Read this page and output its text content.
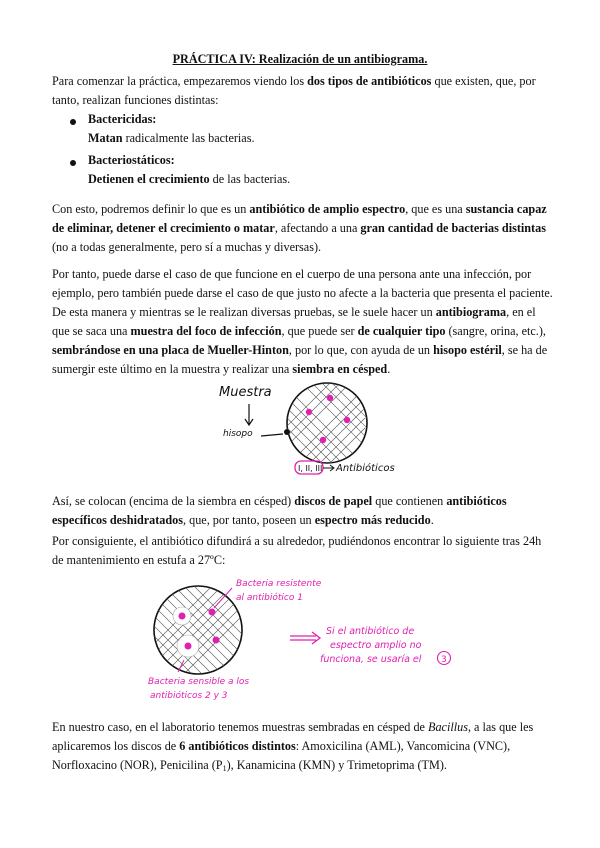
PRÁCTICA IV: Realización de un antibiograma.

Para comenzar la práctica, empezaremos viendo los dos tipos de antibióticos que existen, que, por

tanto, realizan funciones distintas:

Bactericidas:

Matan radicalmente las bacterias.

Bacteriostáticos:

Detienen el crecimiento de las bacterias.

Con esto, podremos definir lo que es un antibiótico de amplio espectro, que es una sustancia capaz

de eliminar, detener el crecimiento o matar, afectando a una gran cantidad de bacterias distintas

(no a todas generalmente, pero sí a muchas y diversas).

Por tanto, puede darse el caso de que funcione en el cuerpo de una persona ante una infección, por

ejemplo, pero también puede darse el caso de que justo no afecte a la bacteria que presenta el paciente.

De esta manera y mientras se le realizan diversas pruebas, se le suele hacer un antibiograma, en el

que se saca una muestra del foco de infección, que puede ser de cualquier tipo (sangre, orina, etc.),

sembrándose en una placa de Mueller-Hinton, por lo que, con ayuda de un hisopo estéril, se ha de

sumergir este último en la muestra y realizar una siembra en césped.

Muestra
hisopo
I, II, III Antibióticos

Así, se colocan (encima de la siembra en césped) discos de papel que contienen antibióticos

específicos deshidratados, que, por tanto, poseen un espectro más reducido.

Por consiguiente, el antibiótico difundirá a su alrededor, pudiéndonos encontrar lo siguiente tras 24h

de mantenimiento en estufa a 27ºC:

Bacteria resistente
al antibiótico 1
Bacteria sensible a los
antibióticos 2 y 3
Si el antibiótico de
espectro amplio no
funciona, se usaría el 3

En nuestro caso, en el laboratorio tenemos muestras sembradas en césped de Bacillus, a las que les

aplicaremos los discos de 6 antibióticos distintos: Amoxicilina (AML), Vancomicina (VNC),

Norfloxacino (NOR), Penicilina $(P_1)$, Kanamicina (KMN) y Trimetoprima (TM).
